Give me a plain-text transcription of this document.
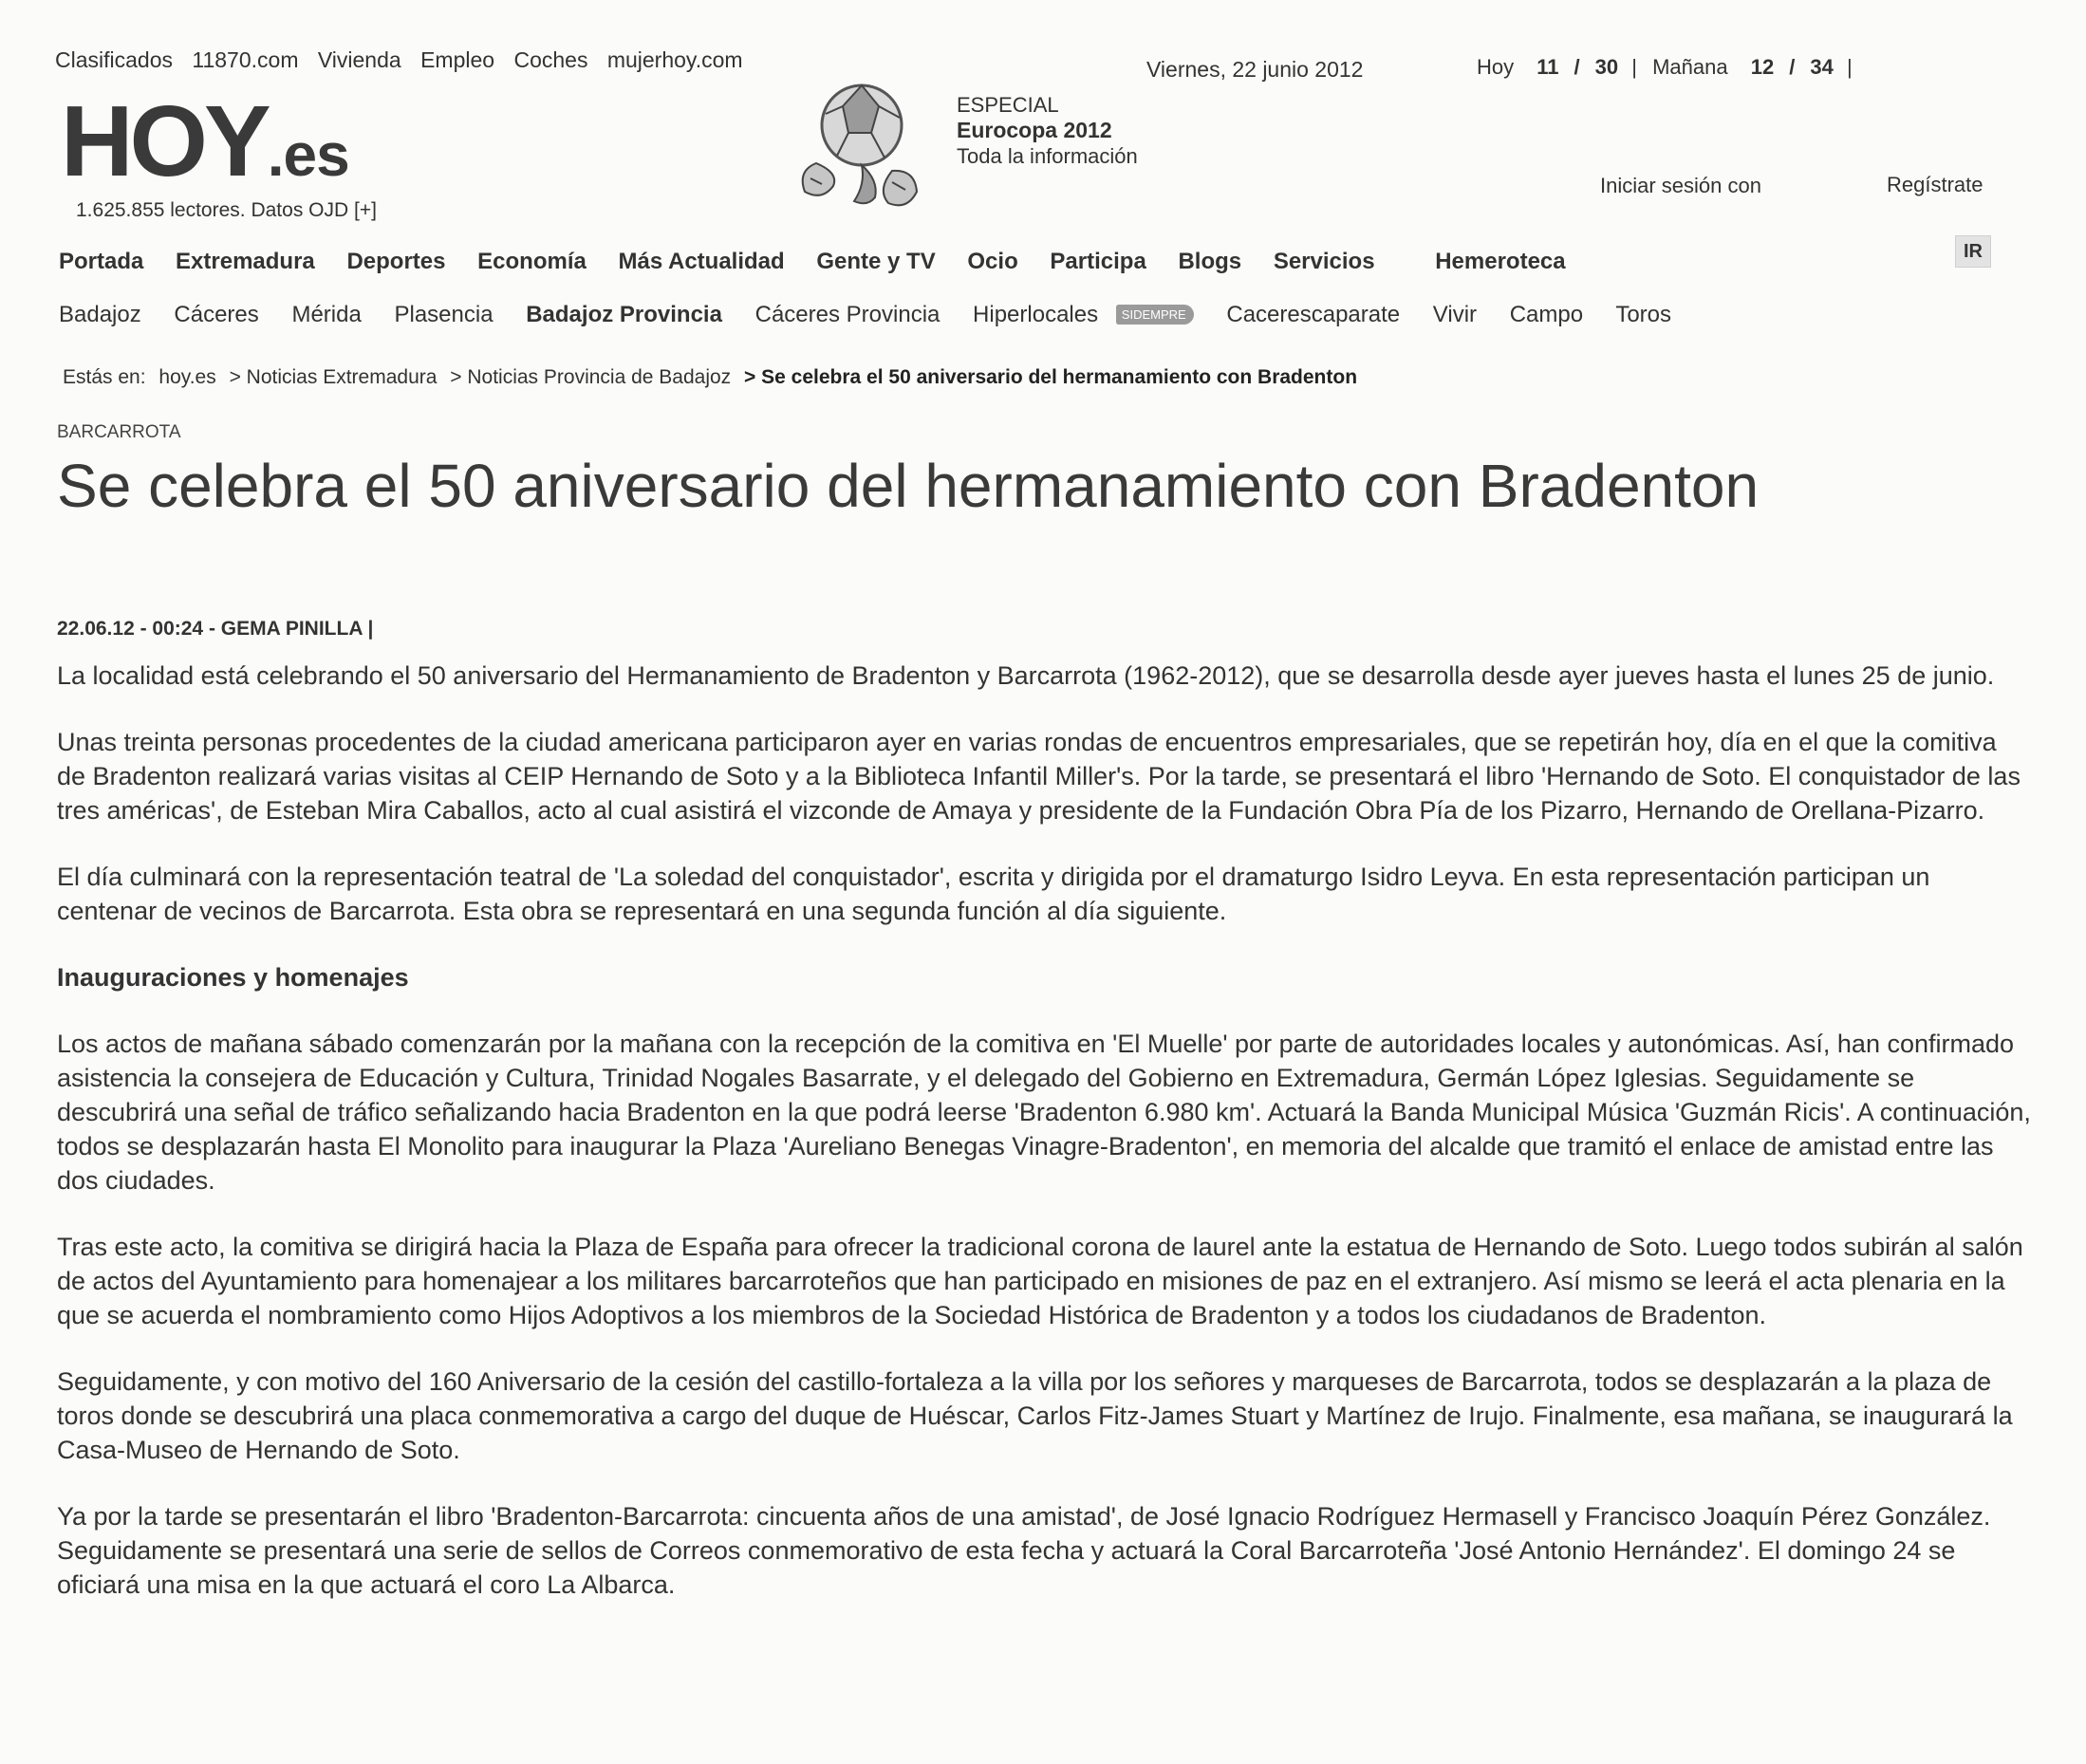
Clasificados 11870.com Vivienda Empleo Coches mujerhoy.com
HOY.es
1.625.855 lectores. Datos OJD [+]
ESPECIAL
Eurocopa 2012
Toda la información
Viernes, 22 junio 2012	Hoy 11 / 30 | Mañana 12 / 34 |
Iniciar sesión con	Regístrate
IR
Portada Extremadura Deportes Economía Más Actualidad Gente y TV Ocio Participa Blogs Servicios	Hemeroteca
Badajoz Cáceres Mérida Plasencia Badajoz Provincia Cáceres Provincia Hiperlocales SIDEMPRE Cacerescaparate Vivir Campo Toros
Estás en: hoy.es > Noticias Extremadura > Noticias Provincia de Badajoz > Se celebra el 50 aniversario del hermanamiento con Bradenton
BARCARROTA
Se celebra el 50 aniversario del hermanamiento con Bradenton
22.06.12 - 00:24 - GEMA PINILLA |

La localidad está celebrando el 50 aniversario del Hermanamiento de Bradenton y Barcarrota (1962-2012), que se desarrolla desde ayer jueves hasta el lunes 25 de junio.

Unas treinta personas procedentes de la ciudad americana participaron ayer en varias rondas de encuentros empresariales, que se repetirán hoy, día en el que la comitiva de Bradenton realizará varias visitas al CEIP Hernando de Soto y a la Biblioteca Infantil Miller's. Por la tarde, se presentará el libro 'Hernando de Soto. El conquistador de las tres américas', de Esteban Mira Caballos, acto al cual asistirá el vizconde de Amaya y presidente de la Fundación Obra Pía de los Pizarro, Hernando de Orellana-Pizarro.

El día culminará con la representación teatral de 'La soledad del conquistador', escrita y dirigida por el dramaturgo Isidro Leyva. En esta representación participan un centenar de vecinos de Barcarrota. Esta obra se representará en una segunda función al día siguiente.

Inauguraciones y homenajes

Los actos de mañana sábado comenzarán por la mañana con la recepción de la comitiva en 'El Muelle' por parte de autoridades locales y autonómicas. Así, han confirmado asistencia la consejera de Educación y Cultura, Trinidad Nogales Basarrate, y el delegado del Gobierno en Extremadura, Germán López Iglesias. Seguidamente se descubrirá una señal de tráfico señalizando hacia Bradenton en la que podrá leerse 'Bradenton 6.980 km'. Actuará la Banda Municipal Música 'Guzmán Ricis'. A continuación, todos se desplazarán hasta El Monolito para inaugurar la Plaza 'Aureliano Benegas Vinagre-Bradenton', en memoria del alcalde que tramitó el enlace de amistad entre las dos ciudades.

Tras este acto, la comitiva se dirigirá hacia la Plaza de España para ofrecer la tradicional corona de laurel ante la estatua de Hernando de Soto. Luego todos subirán al salón de actos del Ayuntamiento para homenajear a los militares barcarroteños que han participado en misiones de paz en el extranjero. Así mismo se leerá el acta plenaria en la que se acuerda el nombramiento como Hijos Adoptivos a los miembros de la Sociedad Histórica de Bradenton y a todos los ciudadanos de Bradenton.

Seguidamente, y con motivo del 160 Aniversario de la cesión del castillo-fortaleza a la villa por los señores y marqueses de Barcarrota, todos se desplazarán a la plaza de toros donde se descubrirá una placa conmemorativa a cargo del duque de Huéscar, Carlos Fitz-James Stuart y Martínez de Irujo. Finalmente, esa mañana, se inaugurará la Casa-Museo de Hernando de Soto.

Ya por la tarde se presentarán el libro 'Bradenton-Barcarrota: cincuenta años de una amistad', de José Ignacio Rodríguez Hermasell y Francisco Joaquín Pérez González. Seguidamente se presentará una serie de sellos de Correos conmemorativo de esta fecha y actuará la Coral Barcarroteña 'José Antonio Hernández'. El domingo 24 se oficiará una misa en la que actuará el coro La Albarca.
